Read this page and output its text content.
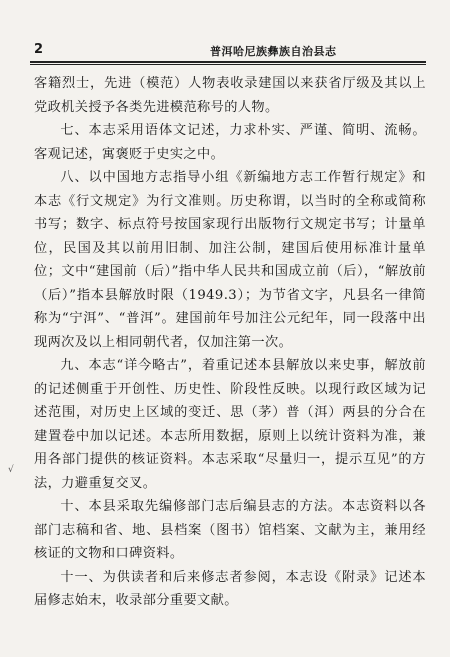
2	普洱哈尼族彝族自治县志

客籍烈士，先进（模范）人物表收录建国以来获省厅级及其以上党政机关授予各类先进模范称号的人物。

七、本志采用语体文记述，力求朴实、严谨、简明、流畅。客观记述，寓褒贬于史实之中。

八、以中国地方志指导小组《新编地方志工作暂行规定》和本志《行文规定》为行文准则。历史称谓，以当时的全称或简称书写；数字、标点符号按国家现行出版物行文规定书写；计量单位，民国及其以前用旧制、加注公制，建国后使用标准计量单位；文中“建国前（后）”指中华人民共和国成立前（后），“解放前（后）”指本县解放时限（1949.3）；为节省文字，凡县名一律简称为“宁洱”、“普洱”。建国前年号加注公元纪年，同一段落中出现两次及以上相同朝代者，仅加注第一次。

九、本志“详今略古”，着重记述本县解放以来史事，解放前的记述侧重于开创性、历史性、阶段性反映。以现行政区域为记述范围，对历史上区域的变迁、思（茅）普（洱）两县的分合在建置卷中加以记述。本志所用数据，原则上以统计资料为准，兼用各部门提供的核证资料。本志采取“尽量归一，提示互见”的方法，力避重复交叉。

十、本县采取先编修部门志后编县志的方法。本志资料以各部门志稿和省、地、县档案（图书）馆档案、文献为主，兼用经核证的文物和口碑资料。

十一、为供读者和后来修志者参阅，本志设《附录》记述本届修志始末，收录部分重要文献。

√
